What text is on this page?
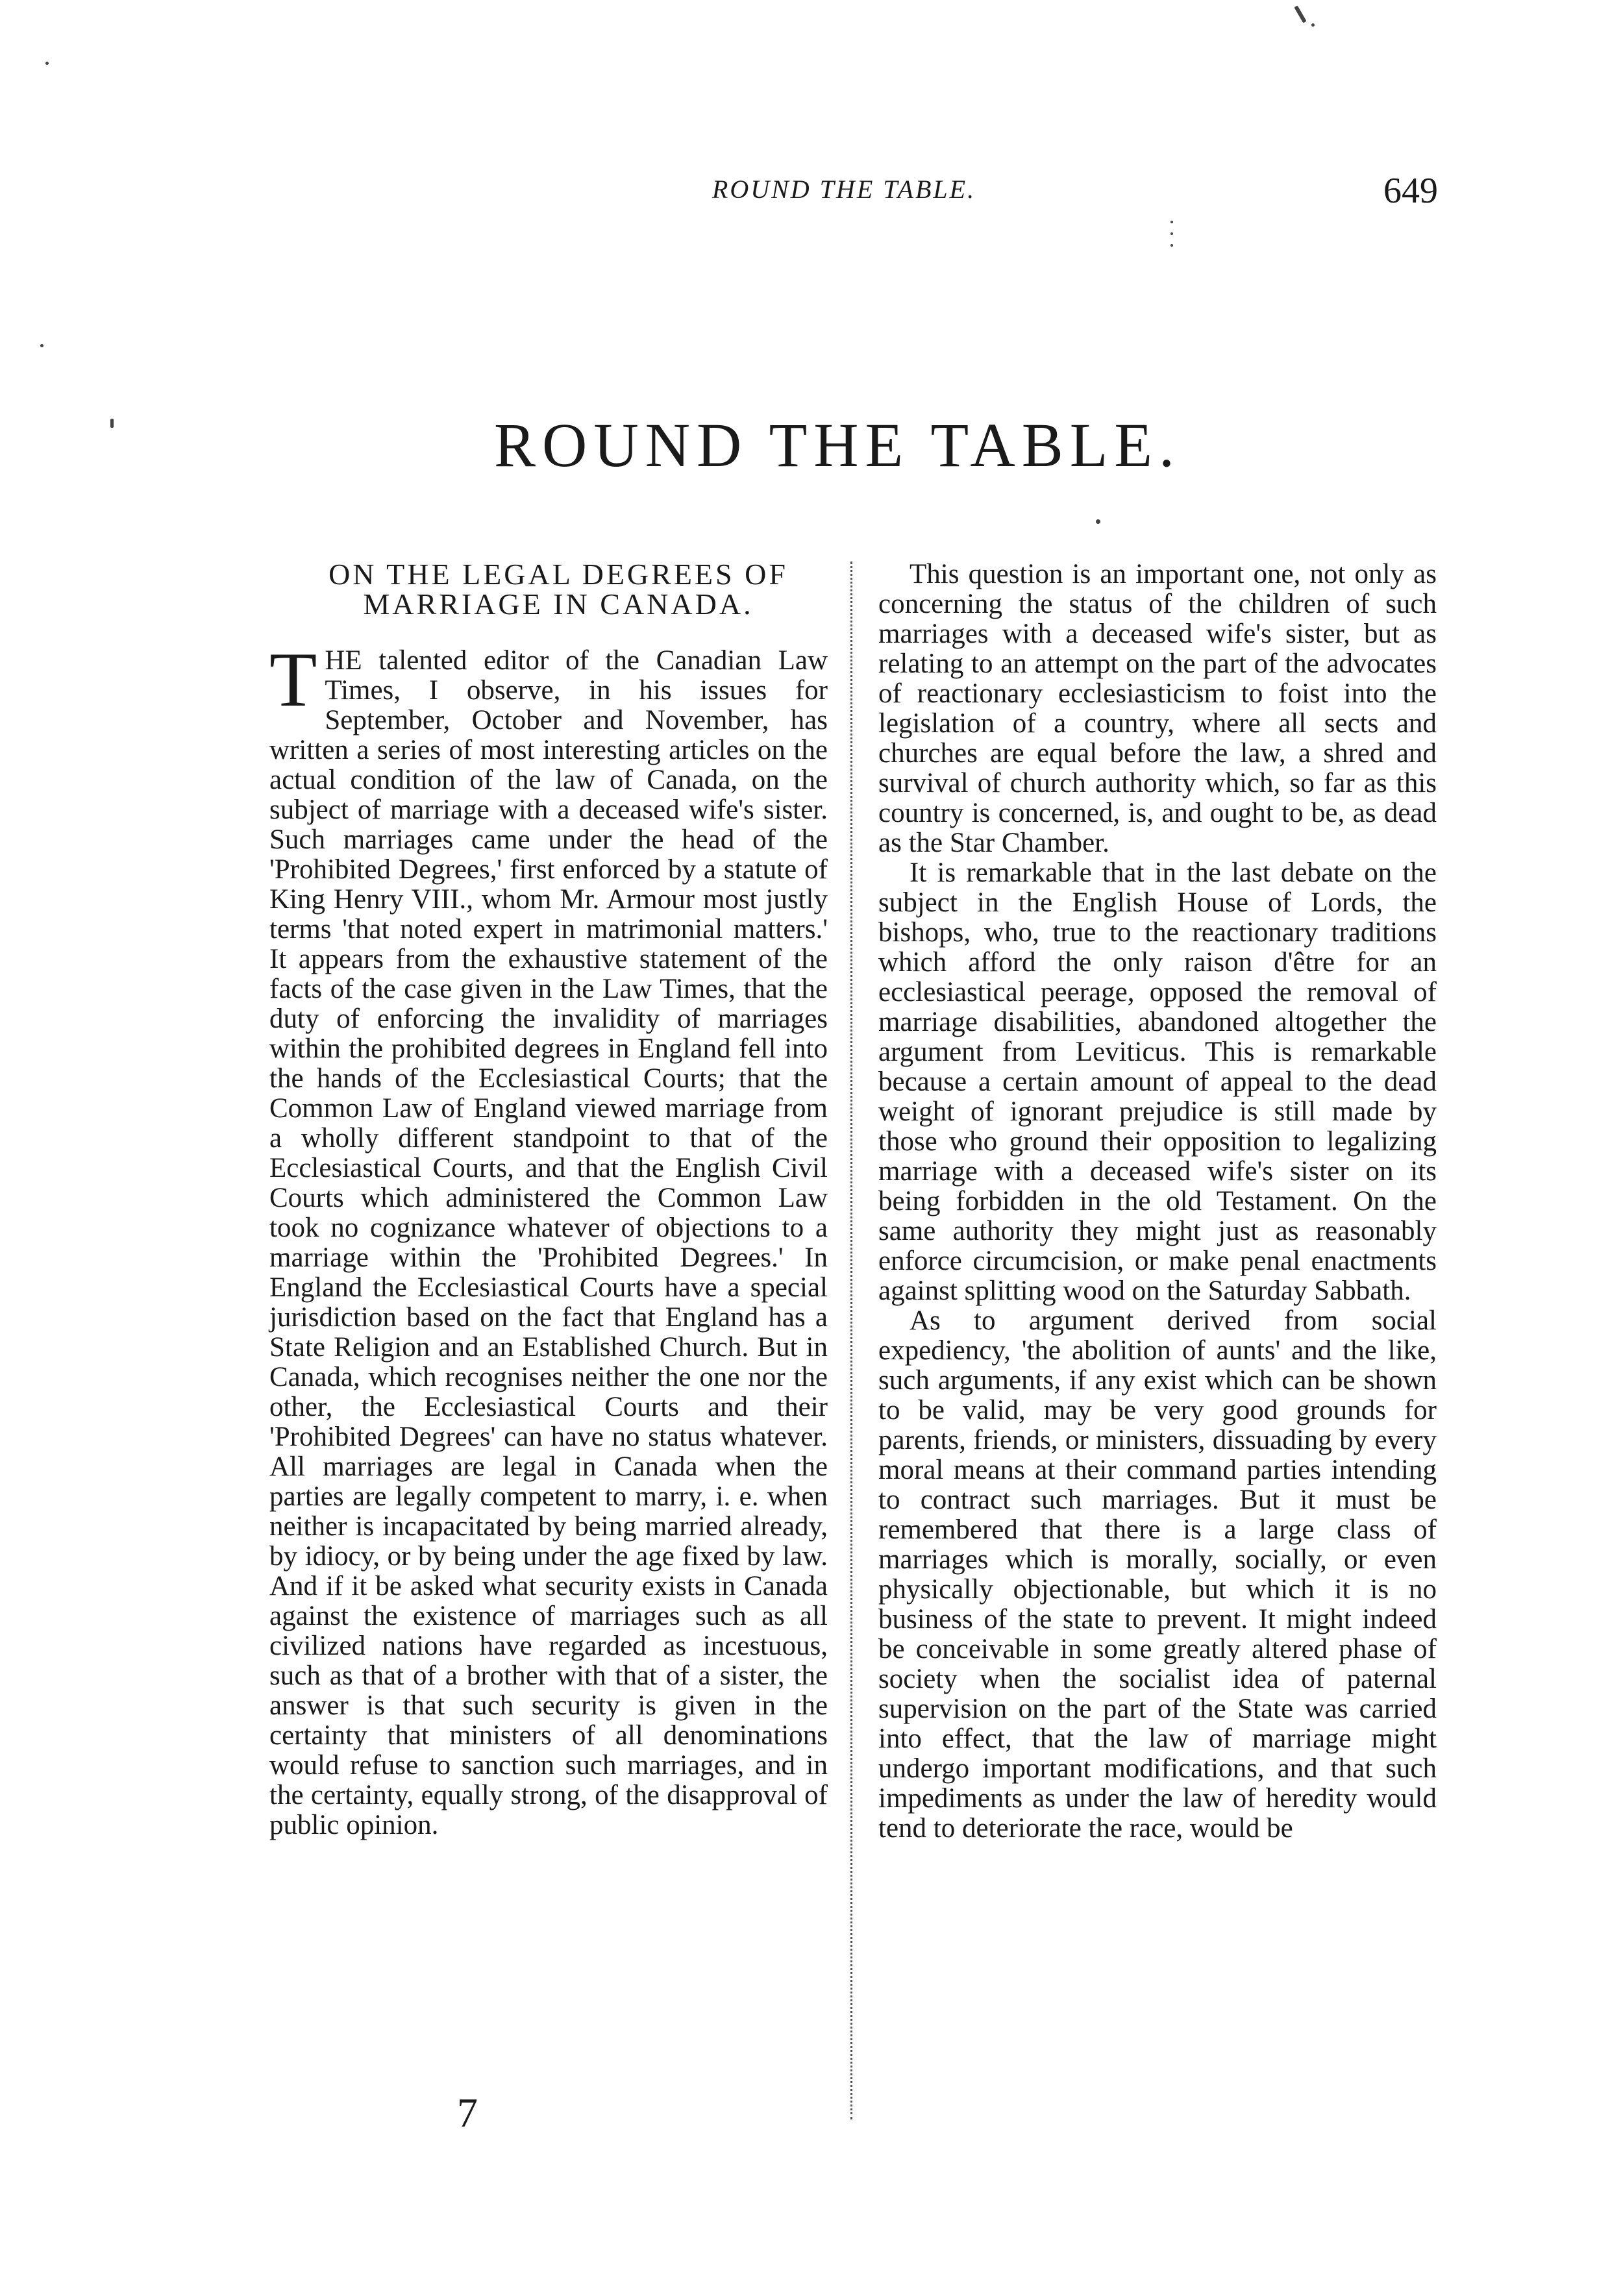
ROUND THE TABLE.	649
ROUND THE TABLE.
ON THE LEGAL DEGREES OF MARRIAGE IN CANADA.
T HE talented editor of the Canadian Law Times, I observe, in his issues for September, October and November, has written a series of most interesting articles on the actual condition of the law of Canada, on the subject of marriage with a deceased wife's sister. Such marriages came under the head of the 'Prohibited Degrees,' first enforced by a statute of King Henry VIII., whom Mr. Armour most justly terms 'that noted expert in matrimonial matters.' It appears from the exhaustive statement of the facts of the case given in the Law Times, that the duty of enforcing the invalidity of marriages within the prohibited degrees in England fell into the hands of the Ecclesiastical Courts; that the Common Law of England viewed marriage from a wholly different standpoint to that of the Ecclesiastical Courts, and that the English Civil Courts which administered the Common Law took no cognizance whatever of objections to a marriage within the 'Prohibited Degrees.' In England the Ecclesiastical Courts have a special jurisdiction based on the fact that England has a State Religion and an Established Church. But in Canada, which recognises neither the one nor the other, the Ecclesiastical Courts and their 'Prohibited Degrees' can have no status whatever. All marriages are legal in Canada when the parties are legally competent to marry, i. e. when neither is incapacitated by being married already, by idiocy, or by being under the age fixed by law. And if it be asked what security exists in Canada against the existence of marriages such as all civilized nations have regarded as incestuous, such as that of a brother with that of a sister, the answer is that such security is given in the certainty that ministers of all denominations would refuse to sanction such marriages, and in the certainty, equally strong, of the disapproval of public opinion.

This question is an important one, not only as concerning the status of the children of such marriages with a deceased wife's sister, but as relating to an attempt on the part of the advocates of reactionary ecclesiasticism to foist into the legislation of a country, where all sects and churches are equal before the law, a shred and survival of church authority which, so far as this country is concerned, is, and ought to be, as dead as the Star Chamber.

It is remarkable that in the last debate on the subject in the English House of Lords, the bishops, who, true to the reactionary traditions which afford the only raison d'être for an ecclesiastical peerage, opposed the removal of marriage disabilities, abandoned altogether the argument from Leviticus. This is remarkable because a certain amount of appeal to the dead weight of ignorant prejudice is still made by those who ground their opposition to legalizing marriage with a deceased wife's sister on its being forbidden in the old Testament. On the same authority they might just as reasonably enforce circumcision, or make penal enactments against splitting wood on the Saturday Sabbath.

As to argument derived from social expediency, 'the abolition of aunts' and the like, such arguments, if any exist which can be shown to be valid, may be very good grounds for parents, friends, or ministers, dissuading by every moral means at their command parties intending to contract such marriages. But it must be remembered that there is a large class of marriages which is morally, socially, or even physically objectionable, but which it is no business of the state to prevent. It might indeed be conceivable in some greatly altered phase of society when the socialist idea of paternal supervision on the part of the State was carried into effect, that the law of marriage might undergo important modifications, and that such impediments as under the law of heredity would tend to deteriorate the race, would be

7
